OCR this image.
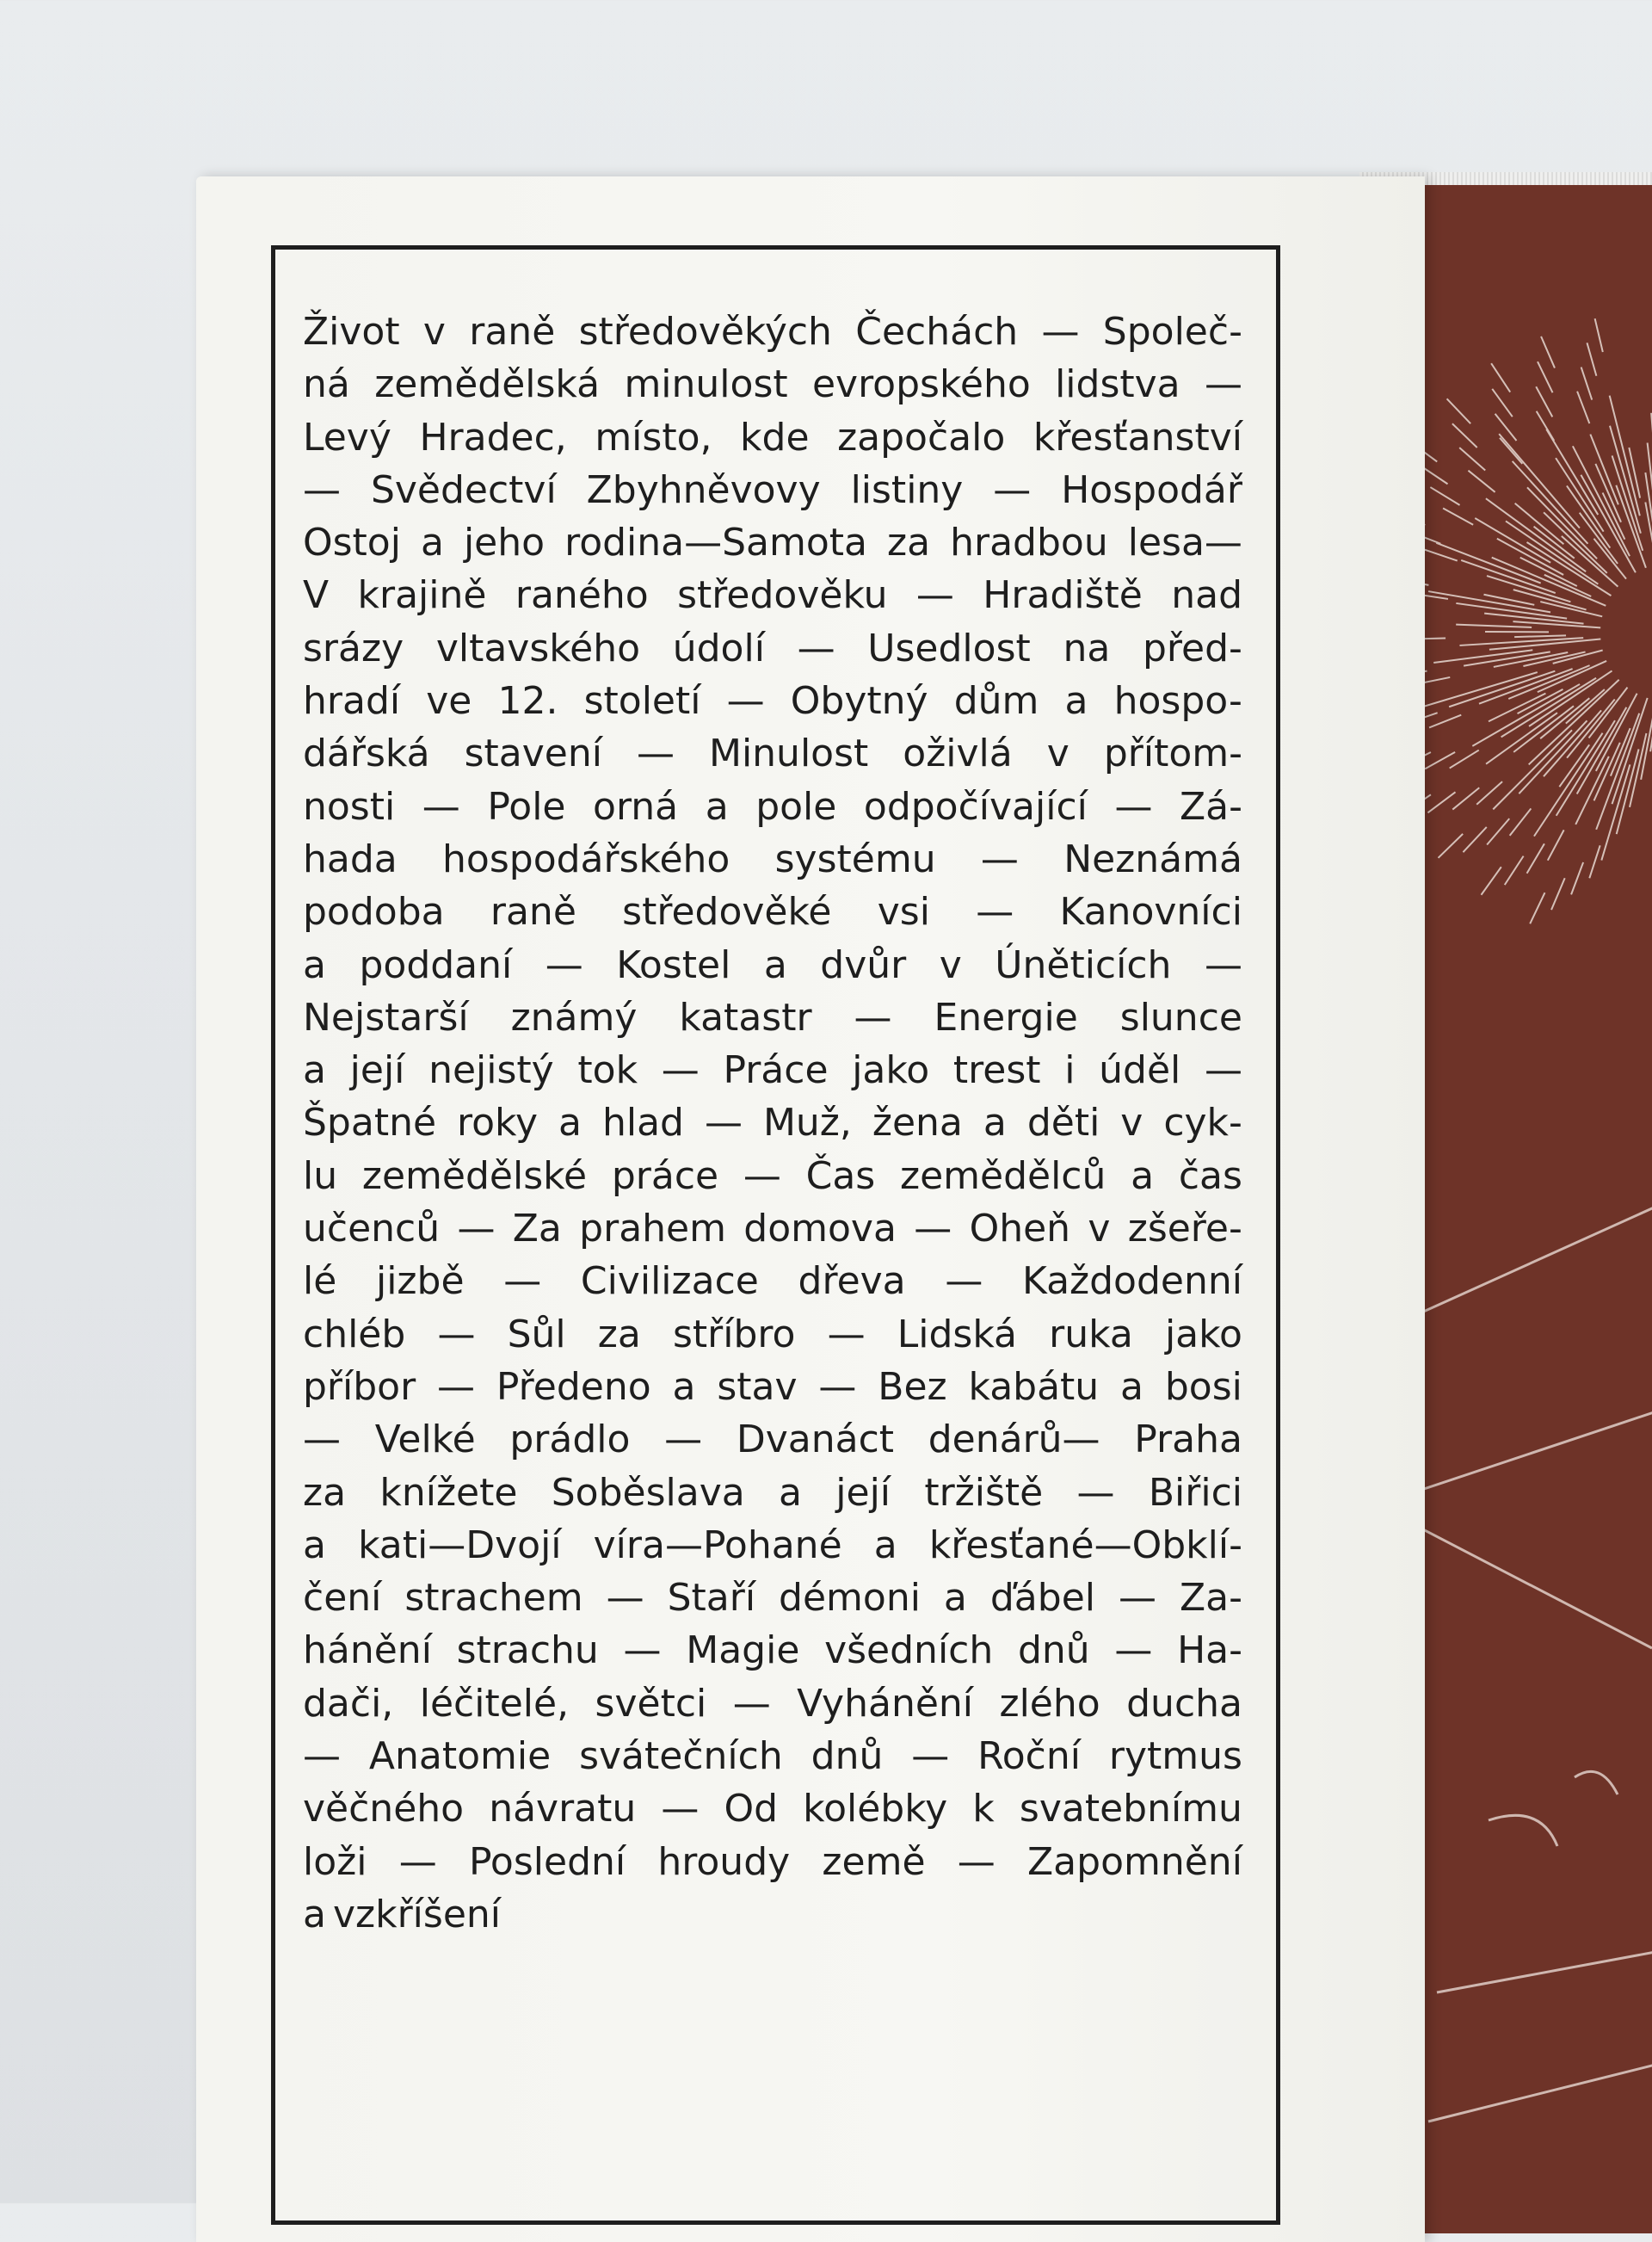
Život v raně středověkých Čechách — Společ-
ná zemědělská minulost evropského lidstva —
Levý Hradec, místo, kde započalo křesťanství
— Svědectví Zbyhněvovy listiny — Hospodář
Ostoj a jeho rodina—Samota za hradbou lesa—
V krajině raného středověku — Hradiště nad
srázy vltavského údolí — Usedlost na před-
hradí ve 12. století — Obytný dům a hospo-
dářská stavení — Minulost oživlá v přítom-
nosti — Pole orná a pole odpočívající — Zá-
hada hospodářského systému — Neznámá
podoba raně středověké vsi — Kanovníci
a poddaní — Kostel a dvůr v Úněticích —
Nejstarší známý katastr — Energie slunce
a její nejistý tok — Práce jako trest i úděl —
Špatné roky a hlad — Muž, žena a děti v cyk-
lu zemědělské práce — Čas zemědělců a čas
učenců — Za prahem domova — Oheň v zšeře-
lé jizbě — Civilizace dřeva — Každodenní
chléb — Sůl za stříbro — Lidská ruka jako
příbor — Předeno a stav — Bez kabátu a bosi
— Velké prádlo — Dvanáct denárů— Praha
za knížete Soběslava a její tržiště — Biřici
a kati—Dvojí víra—Pohané a křesťané—Obklí-
čení strachem — Staří démoni a ďábel — Za-
hánění strachu — Magie všedních dnů — Ha-
dači, léčitelé, světci — Vyhánění zlého ducha
— Anatomie svátečních dnů — Roční rytmus
věčného návratu — Od kolébky k svatebnímu
loži — Poslední hroudy země — Zapomnění
a vzkříšení
